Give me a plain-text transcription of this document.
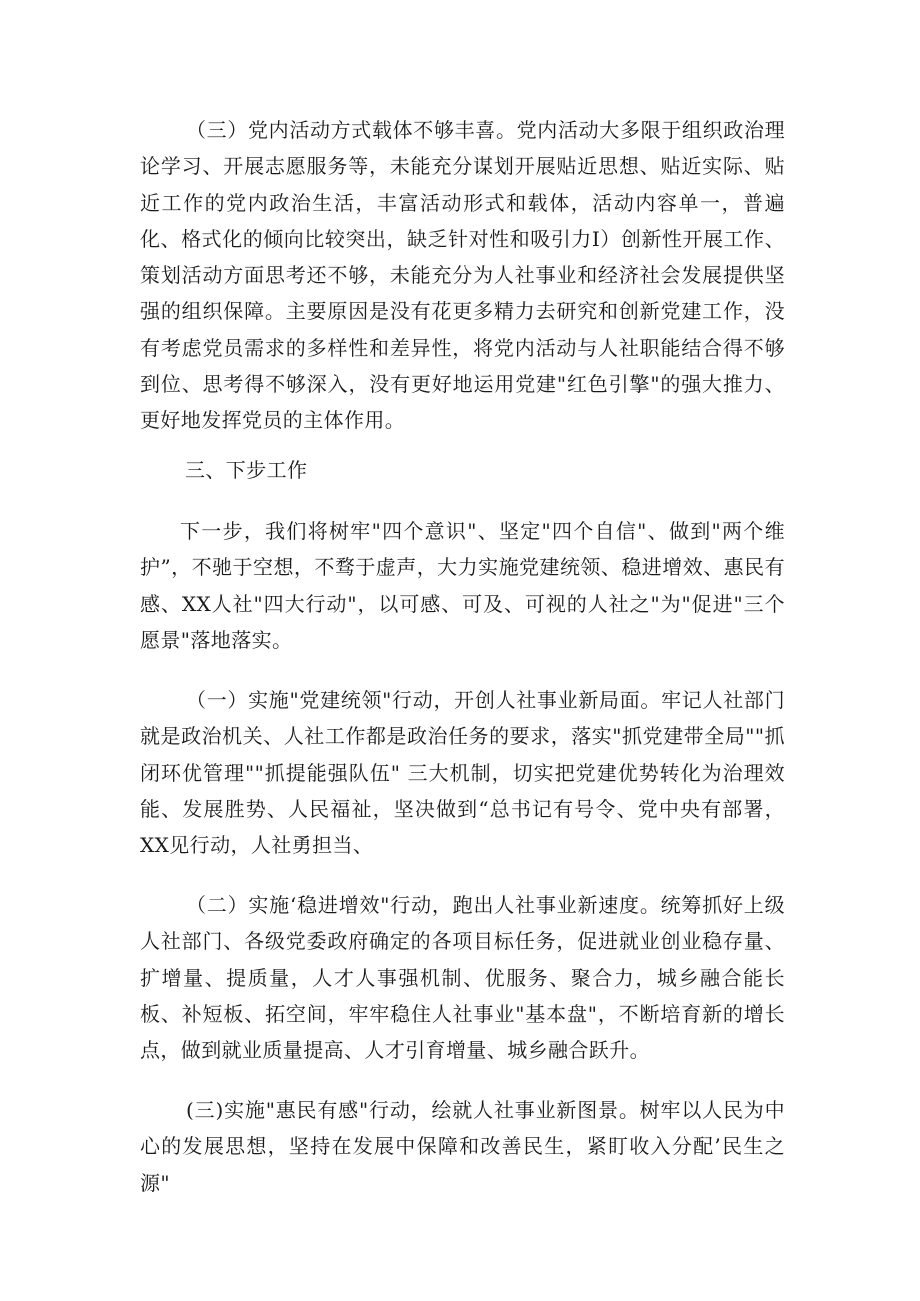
（三）党内活动方式载体不够丰喜。党内活动大多限于组织政治理论学习、开展志愿服务等，未能充分谋划开展贴近思想、贴近实际、贴近工作的党内政治生活，丰富活动形式和载体，活动内容单一，普遍化、格式化的倾向比较突出，缺乏针对性和吸引力I）创新性开展工作、策划活动方面思考还不够，未能充分为人社事业和经济社会发展提供坚强的组织保障。主要原因是没有花更多精力去研究和创新党建工作，没有考虑党员需求的多样性和差异性，将党内活动与人社职能结合得不够到位、思考得不够深入，没有更好地运用党建"红色引擎"的强大推力、更好地发挥党员的主体作用。

三、下步工作

下一步，我们将树牢"四个意识"、坚定"四个自信"、做到"两个维护”，不驰于空想，不骛于虚声，大力实施党建统领、稳进增效、惠民有感、XX人社"四大行动"，以可感、可及、可视的人社之"为"促进"三个愿景"落地落实。

（一）实施"党建统领"行动，开创人社事业新局面。牢记人社部门就是政治机关、人社工作都是政治任务的要求，落实"抓党建带全局""抓闭环优管理""抓提能强队伍" 三大机制，切实把党建优势转化为治理效能、发展胜势、人民福祉，坚决做到“总书记有号令、党中央有部署，XX见行动，人社勇担当、

（二）实施‘稳进增效"行动，跑出人社事业新速度。统筹抓好上级人社部门、各级党委政府确定的各项目标任务，促进就业创业稳存量、扩增量、提质量，人才人事强机制、优服务、聚合力，城乡融合能长板、补短板、拓空间，牢牢稳住人社事业"基本盘"，不断培育新的增长点，做到就业质量提高、人才引育增量、城乡融合跃升。

(三)实施"惠民有感"行动，绘就人社事业新图景。树牢以人民为中心的发展思想，坚持在发展中保障和改善民生，紧盯收入分配’民生之源"
